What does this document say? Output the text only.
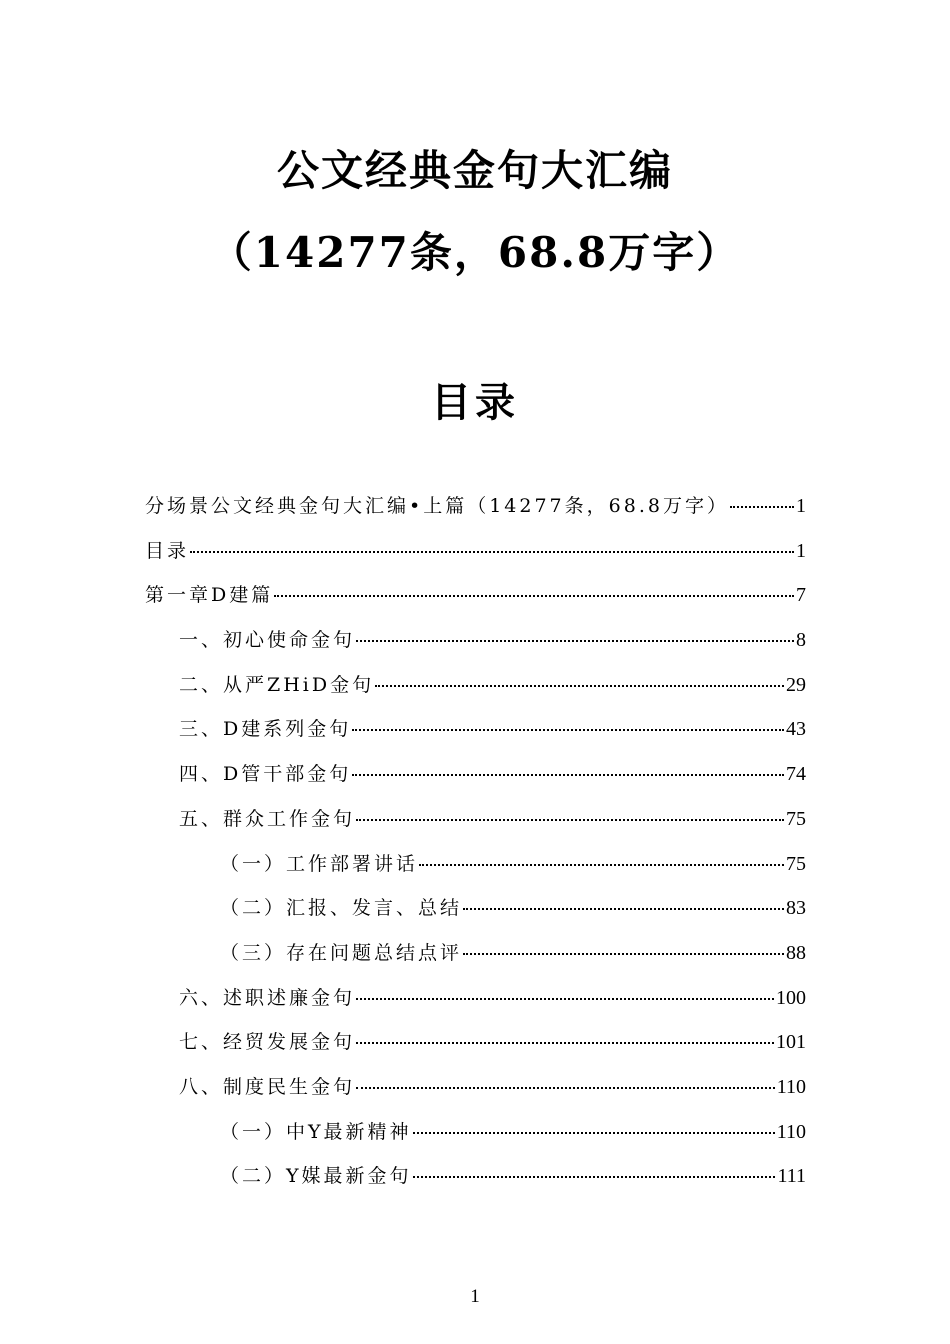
公文经典金句大汇编
（14277条，68.8万字）
目录
分场景公文经典金句大汇编•上篇（14277条，68.8万字）	1
目录	1
第一章D建篇	7
一、初心使命金句	8
二、从严ZHiD金句	29
三、D建系列金句	43
四、D管干部金句	74
五、群众工作金句	75
（一）工作部署讲话	75
（二）汇报、发言、总结	83
（三）存在问题总结点评	88
六、述职述廉金句	100
七、经贸发展金句	101
八、制度民生金句	110
（一）中Y最新精神	110
（二）Y媒最新金句	111
1
